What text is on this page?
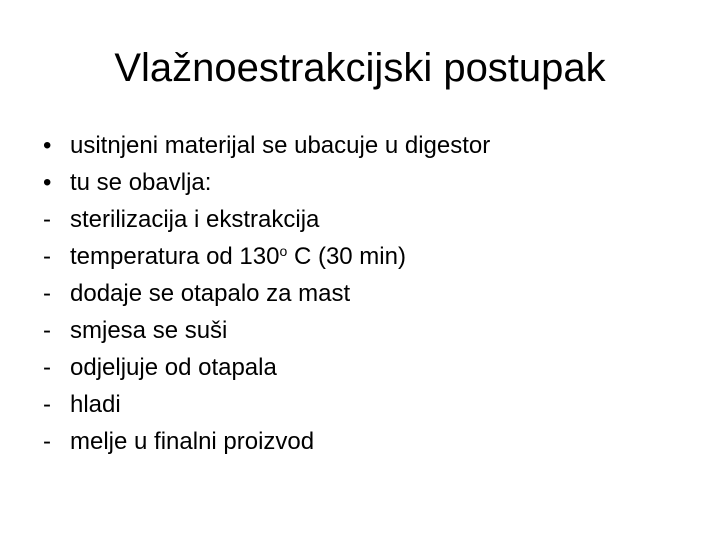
Vlažnoestrakcijski postupak
• usitnjeni materijal se ubacuje u digestor
• tu se obavlja:
- sterilizacija i ekstrakcija
- temperatura od 130$^o$ C (30 min)
- dodaje se otapalo za mast
- smjesa se suši
- odjeljuje od otapala
- hladi
- melje u finalni proizvod
